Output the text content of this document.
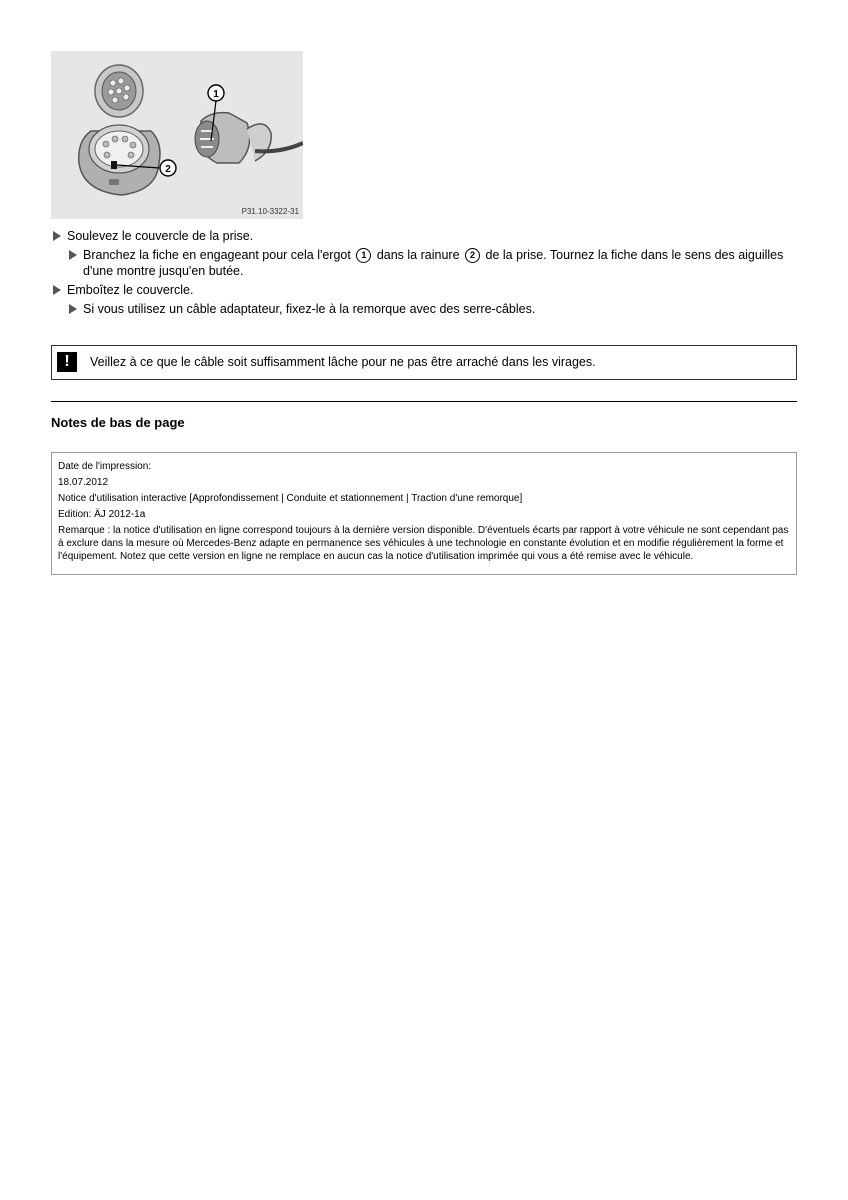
1
2
P31.10-3322-31
Soulevez le couvercle de la prise.
Branchez la fiche en engageant pour cela l'ergot 1 dans la rainure 2 de la prise. Tournez la fiche dans le sens des aiguilles d'une montre jusqu'en butée.
Emboîtez le couvercle.
Si vous utilisez un câble adaptateur, fixez-le à la remorque avec des serre-câbles.
!	Veillez à ce que le câble soit suffisamment lâche pour ne pas être arraché dans les virages.
Notes de bas de page

Date de l'impression:

18.07.2012

Notice d'utilisation interactive [Approfondissement | Conduite et stationnement | Traction d'une remorque]

Edition: ÄJ 2012-1a

Remarque : la notice d'utilisation en ligne correspond toujours à la dernière version disponible. D'éventuels écarts par rapport à votre véhicule ne sont cependant pas à exclure dans la mesure où Mercedes-Benz adapte en permanence ses véhicules à une technologie en constante évolution et en modifie régulièrement la forme et l'équipement. Notez que cette version en ligne ne remplace en aucun cas la notice d'utilisation imprimée qui vous a été remise avec le véhicule.
